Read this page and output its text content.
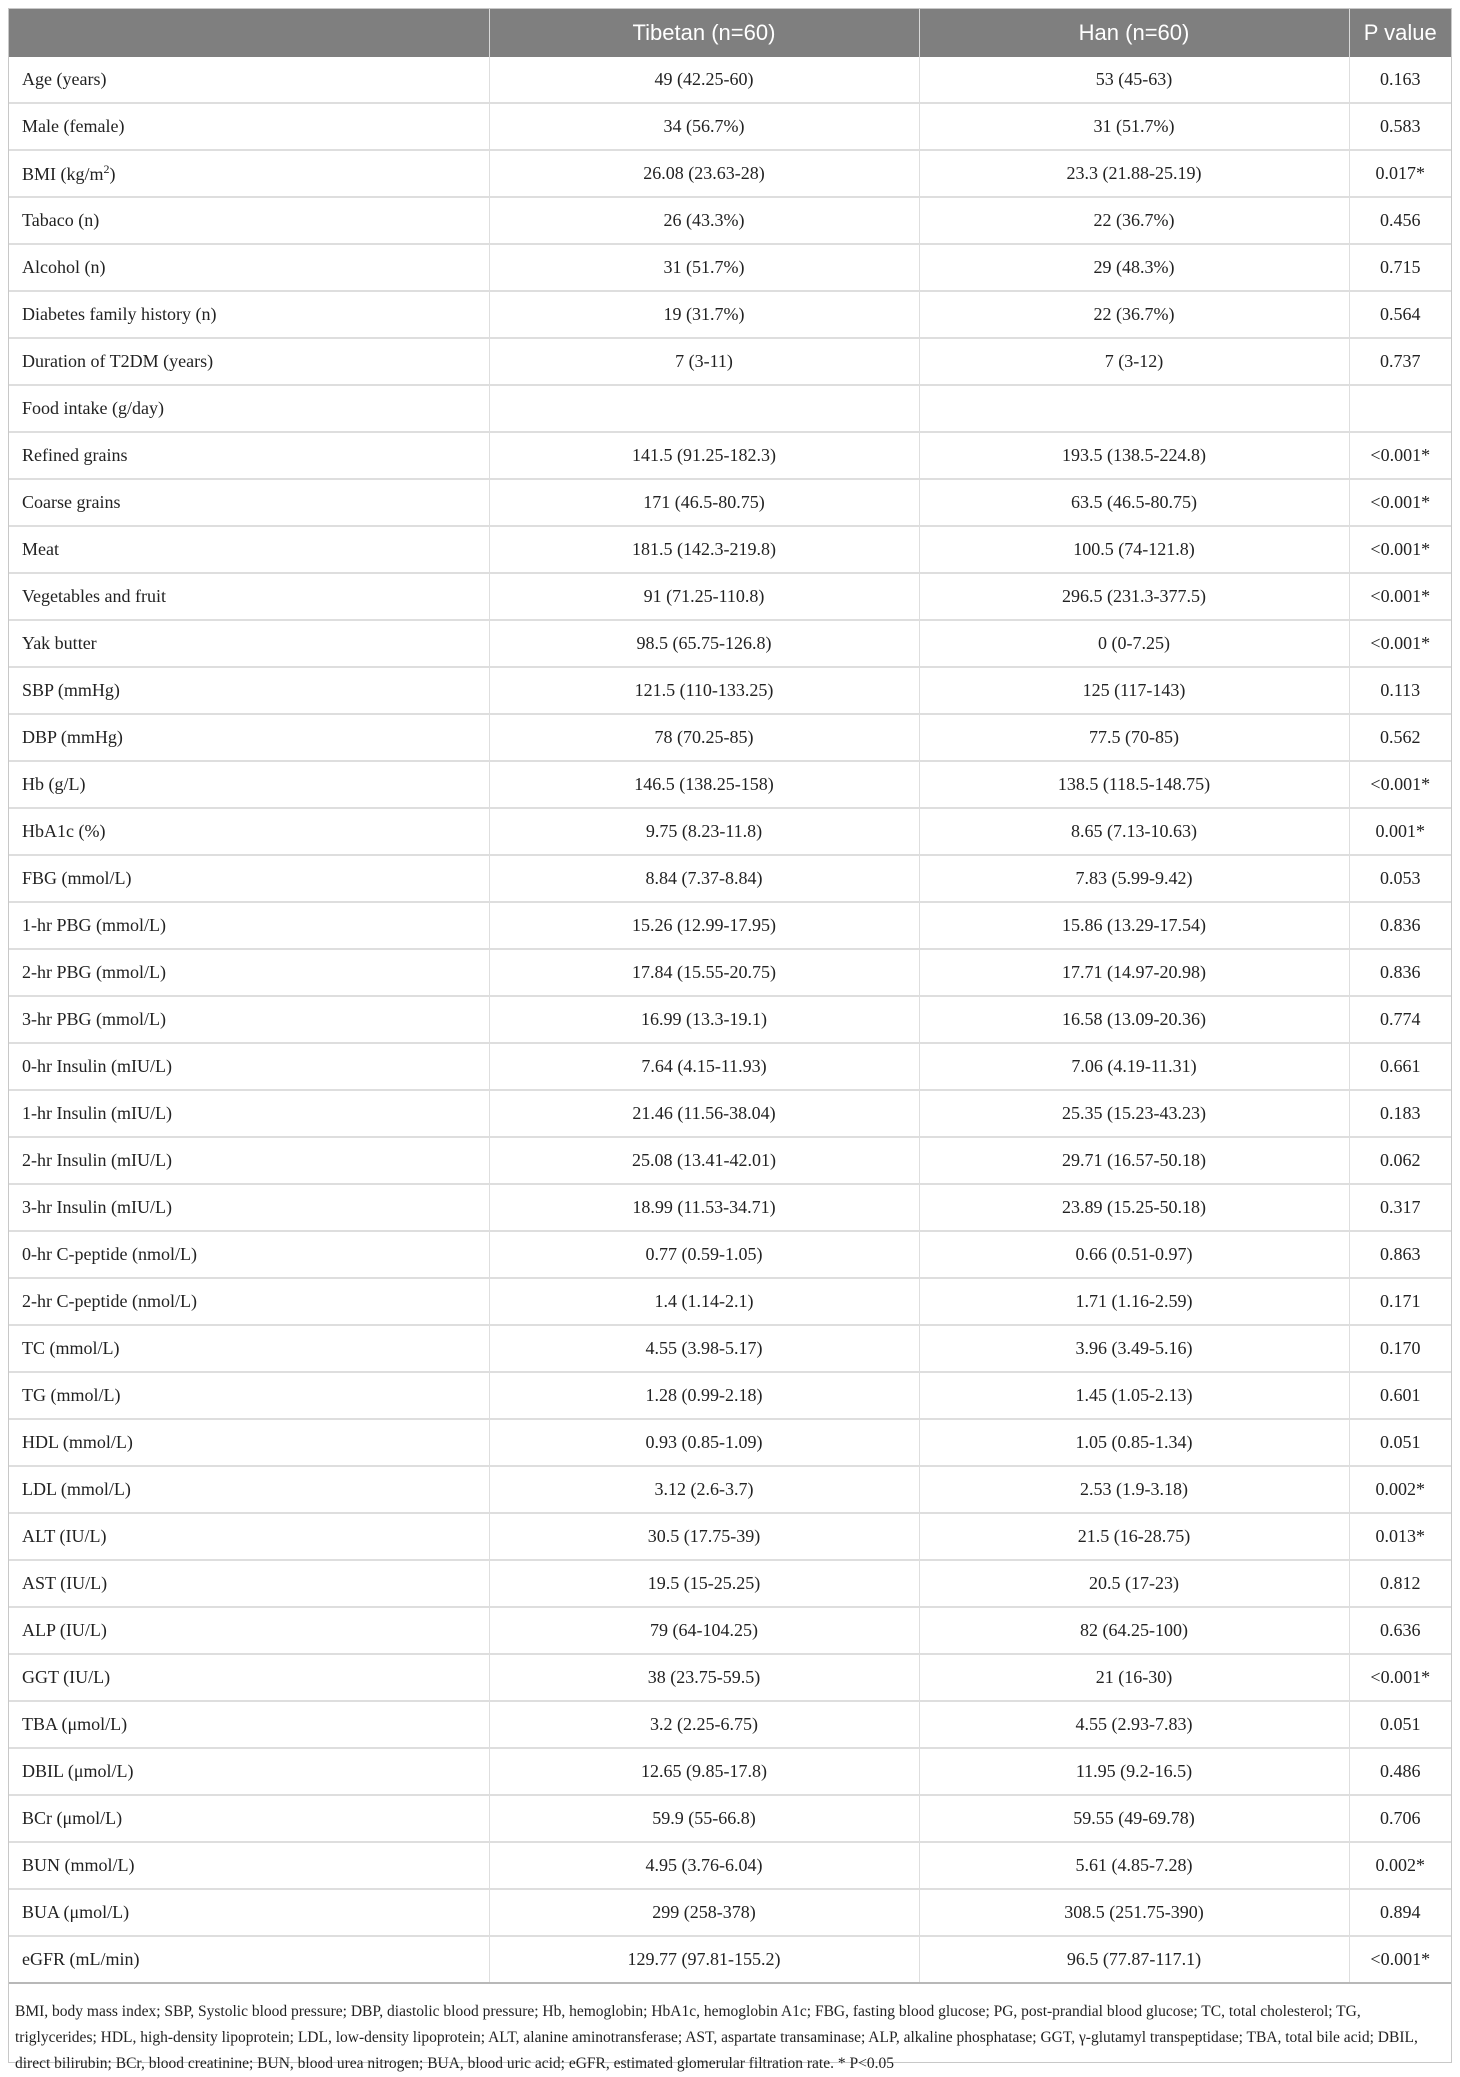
	Tibetan (n=60)	Han (n=60)	P value
Age (years)	49 (42.25-60)	53 (45-63)	0.163
Male (female)	34 (56.7%)	31 (51.7%)	0.583
BMI $(kg/m^2)$	26.08 (23.63-28)	23.3 (21.88-25.19)	0.017*
Tabaco (n)	26 (43.3%)	22 (36.7%)	0.456
Alcohol (n)	31 (51.7%)	29 (48.3%)	0.715
Diabetes family history (n)	19 (31.7%)	22 (36.7%)	0.564
Duration of T2DM (years)	7 (3-11)	7 (3-12)	0.737
Food intake (g/day)			
Refined grains	141.5 (91.25-182.3)	193.5 (138.5-224.8)	<0.001*
Coarse grains	171 (46.5-80.75)	63.5 (46.5-80.75)	<0.001*
Meat	181.5 (142.3-219.8)	100.5 (74-121.8)	<0.001*
Vegetables and fruit	91 (71.25-110.8)	296.5 (231.3-377.5)	<0.001*
Yak butter	98.5 (65.75-126.8)	0 (0-7.25)	<0.001*
SBP (mmHg)	121.5 (110-133.25)	125 (117-143)	0.113
DBP (mmHg)	78 (70.25-85)	77.5 (70-85)	0.562
Hb (g/L)	146.5 (138.25-158)	138.5 (118.5-148.75)	<0.001*
HbA1c (%)	9.75 (8.23-11.8)	8.65 (7.13-10.63)	0.001*
FBG (mmol/L)	8.84 (7.37-8.84)	7.83 (5.99-9.42)	0.053
1-hr PBG (mmol/L)	15.26 (12.99-17.95)	15.86 (13.29-17.54)	0.836
2-hr PBG (mmol/L)	17.84 (15.55-20.75)	17.71 (14.97-20.98)	0.836
3-hr PBG (mmol/L)	16.99 (13.3-19.1)	16.58 (13.09-20.36)	0.774
0-hr Insulin (mIU/L)	7.64 (4.15-11.93)	7.06 (4.19-11.31)	0.661
1-hr Insulin (mIU/L)	21.46 (11.56-38.04)	25.35 (15.23-43.23)	0.183
2-hr Insulin (mIU/L)	25.08 (13.41-42.01)	29.71 (16.57-50.18)	0.062
3-hr Insulin (mIU/L)	18.99 (11.53-34.71)	23.89 (15.25-50.18)	0.317
0-hr C-peptide (nmol/L)	0.77 (0.59-1.05)	0.66 (0.51-0.97)	0.863
2-hr C-peptide (nmol/L)	1.4 (1.14-2.1)	1.71 (1.16-2.59)	0.171
TC (mmol/L)	4.55 (3.98-5.17)	3.96 (3.49-5.16)	0.170
TG (mmol/L)	1.28 (0.99-2.18)	1.45 (1.05-2.13)	0.601
HDL (mmol/L)	0.93 (0.85-1.09)	1.05 (0.85-1.34)	0.051
LDL (mmol/L)	3.12 (2.6-3.7)	2.53 (1.9-3.18)	0.002*
ALT (IU/L)	30.5 (17.75-39)	21.5 (16-28.75)	0.013*
AST (IU/L)	19.5 (15-25.25)	20.5 (17-23)	0.812
ALP (IU/L)	79 (64-104.25)	82 (64.25-100)	0.636
GGT (IU/L)	38 (23.75-59.5)	21 (16-30)	<0.001*
TBA (μmol/L)	3.2 (2.25-6.75)	4.55 (2.93-7.83)	0.051
DBIL (μmol/L)	12.65 (9.85-17.8)	11.95 (9.2-16.5)	0.486
BCr (μmol/L)	59.9 (55-66.8)	59.55 (49-69.78)	0.706
BUN (mmol/L)	4.95 (3.76-6.04)	5.61 (4.85-7.28)	0.002*
BUA (μmol/L)	299 (258-378)	308.5 (251.75-390)	0.894
eGFR (mL/min)	129.77 (97.81-155.2)	96.5 (77.87-117.1)	<0.001*
BMI, body mass index; SBP, Systolic blood pressure; DBP, diastolic blood pressure; Hb, hemoglobin; HbA1c, hemoglobin A1c; FBG, fasting blood glucose; PG, post-prandial blood glucose; TC, total cholesterol; TG, triglycerides; HDL, high-density lipoprotein; LDL, low-density lipoprotein; ALT, alanine aminotransferase; AST, aspartate transaminase; ALP, alkaline phosphatase; GGT, γ-glutamyl transpeptidase; TBA, total bile acid; DBIL, direct bilirubin; BCr, blood creatinine; BUN, blood urea nitrogen; BUA, blood uric acid; eGFR, estimated glomerular filtration rate. * P<0.05
